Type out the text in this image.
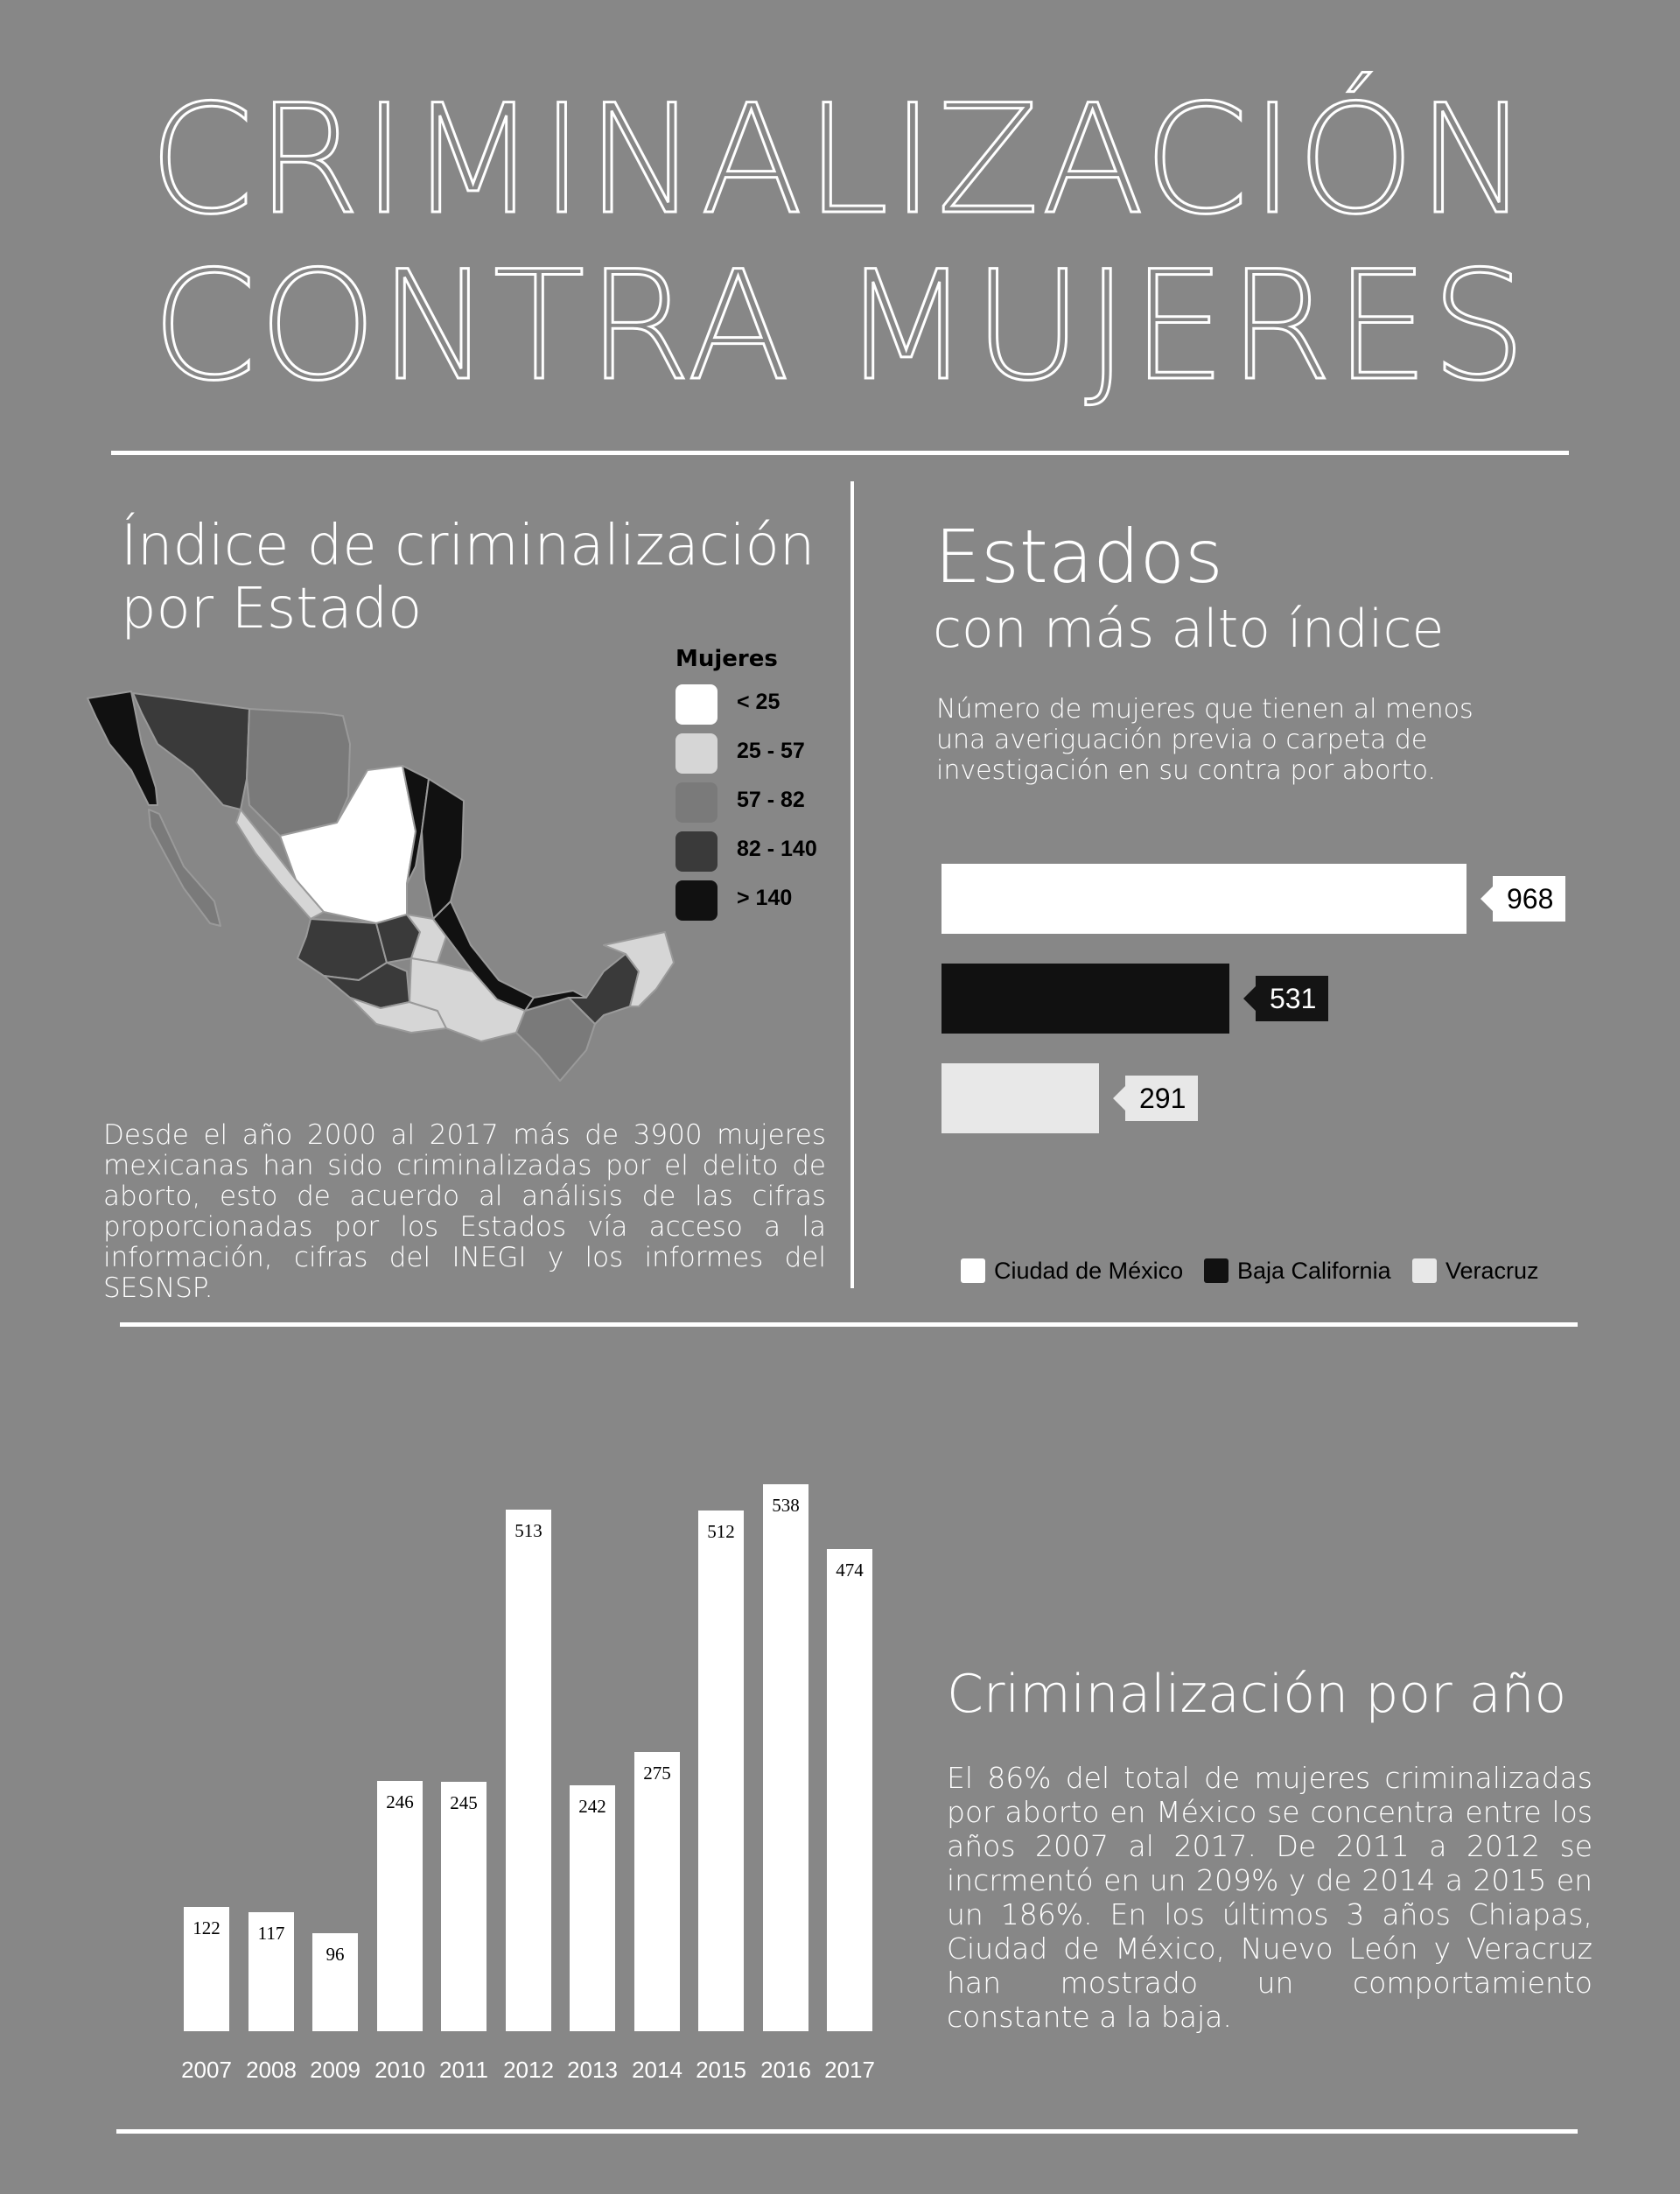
CRIMINALIZACIÓN
CONTRA MUJERES
Índice de criminalización
por Estado
Mujeres
< 25
25 - 57
57 - 82
82 - 140
> 140
Desde el año 2000 al 2017 más de 3900 mujeres mexicanas han sido criminalizadas por el delito de aborto, esto de acuerdo al análisis de las cifras proporcionadas por los Estados vía acceso a la información, cifras del INEGI y los informes del SESNSP.
Estados
con más alto índice
Número de mujeres que tienen al menos una averiguación previa o carpeta de investigación en su contra por aborto.
968
531
291
Ciudad de México	Baja California	Veracruz
122
2007
117
2008
96
2009
246
2010
245
2011
513
2012
242
2013
275
2014
512
2015
538
2016
474
2017
Criminalización por año
El 86% del total de mujeres criminalizadas por aborto en México se concentra entre los años 2007 al 2017. De 2011 a 2012 se incrmentó en un 209% y de 2014 a 2015 en un 186%. En los últimos 3 años Chiapas, Ciudad de México, Nuevo León y Veracruz han mostrado un comportamiento constante a la baja.
